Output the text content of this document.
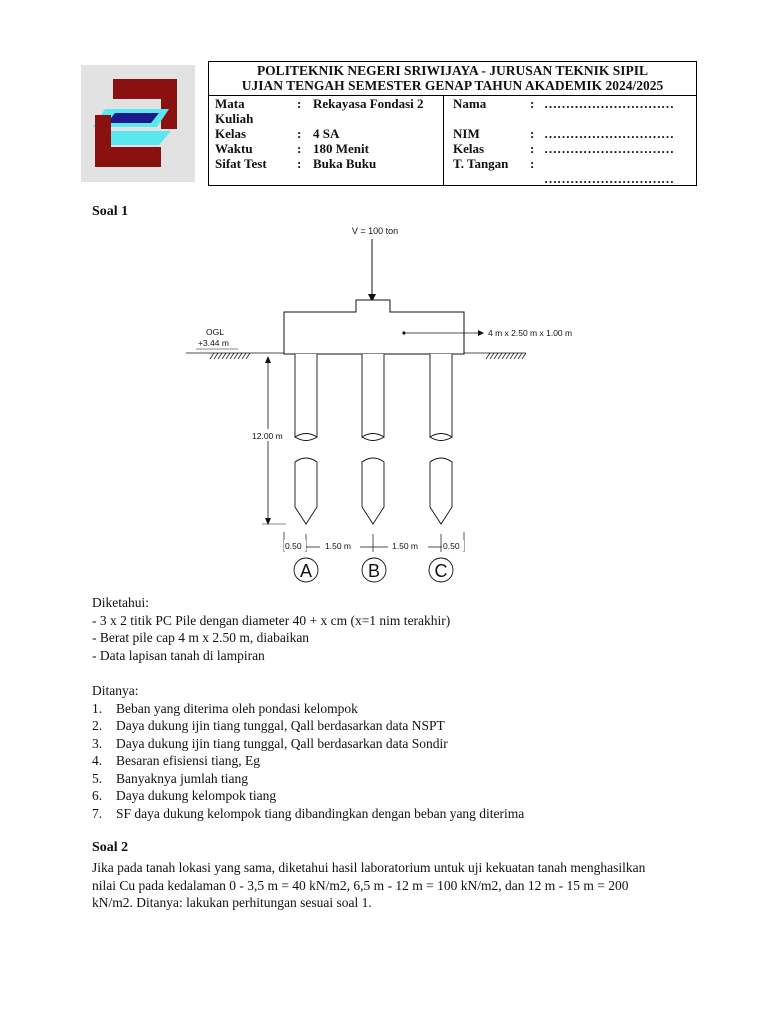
POLITEKNIK NEGERI SRIWIJAYA - JURUSAN TEKNIK SIPIL
UJIAN TENGAH SEMESTER GENAP TAHUN AKADEMIK 2024/2025
Mata	: Rekayasa Fondasi 2
Kuliah
Kelas	: 4 SA
Waktu	: 180 Menit
Sifat Test : Buka Buku
Nama	: …………………………
NIM	: …………………………
Kelas	: …………………………
T. Tangan :
…………………………
Soal 1
V = 100 ton
4 m x 2.50 m x 1.00 m
OGL
+3.44 m
12.00 m
0.50	1.50 m	1.50 m	0.50
A	B	C
Diketahui:
- 3 x 2 titik PC Pile dengan diameter 40 + x cm (x=1 nim terakhir)
- Berat pile cap 4 m x 2.50 m, diabaikan
- Data lapisan tanah di lampiran
Ditanya:
1. Beban yang diterima oleh pondasi kelompok
2. Daya dukung ijin tiang tunggal, Qall berdasarkan data NSPT
3. Daya dukung ijin tiang tunggal, Qall berdasarkan data Sondir
4. Besaran efisiensi tiang, Eg
5. Banyaknya jumlah tiang
6. Daya dukung kelompok tiang
7. SF daya dukung kelompok tiang dibandingkan dengan beban yang diterima
Soal 2
Jika pada tanah lokasi yang sama, diketahui hasil laboratorium untuk uji kekuatan tanah menghasilkan
nilai Cu pada kedalaman 0 - 3,5 m = 40 kN/m2, 6,5 m - 12 m = 100 kN/m2, dan 12 m - 15 m = 200
kN/m2. Ditanya: lakukan perhitungan sesuai soal 1.
